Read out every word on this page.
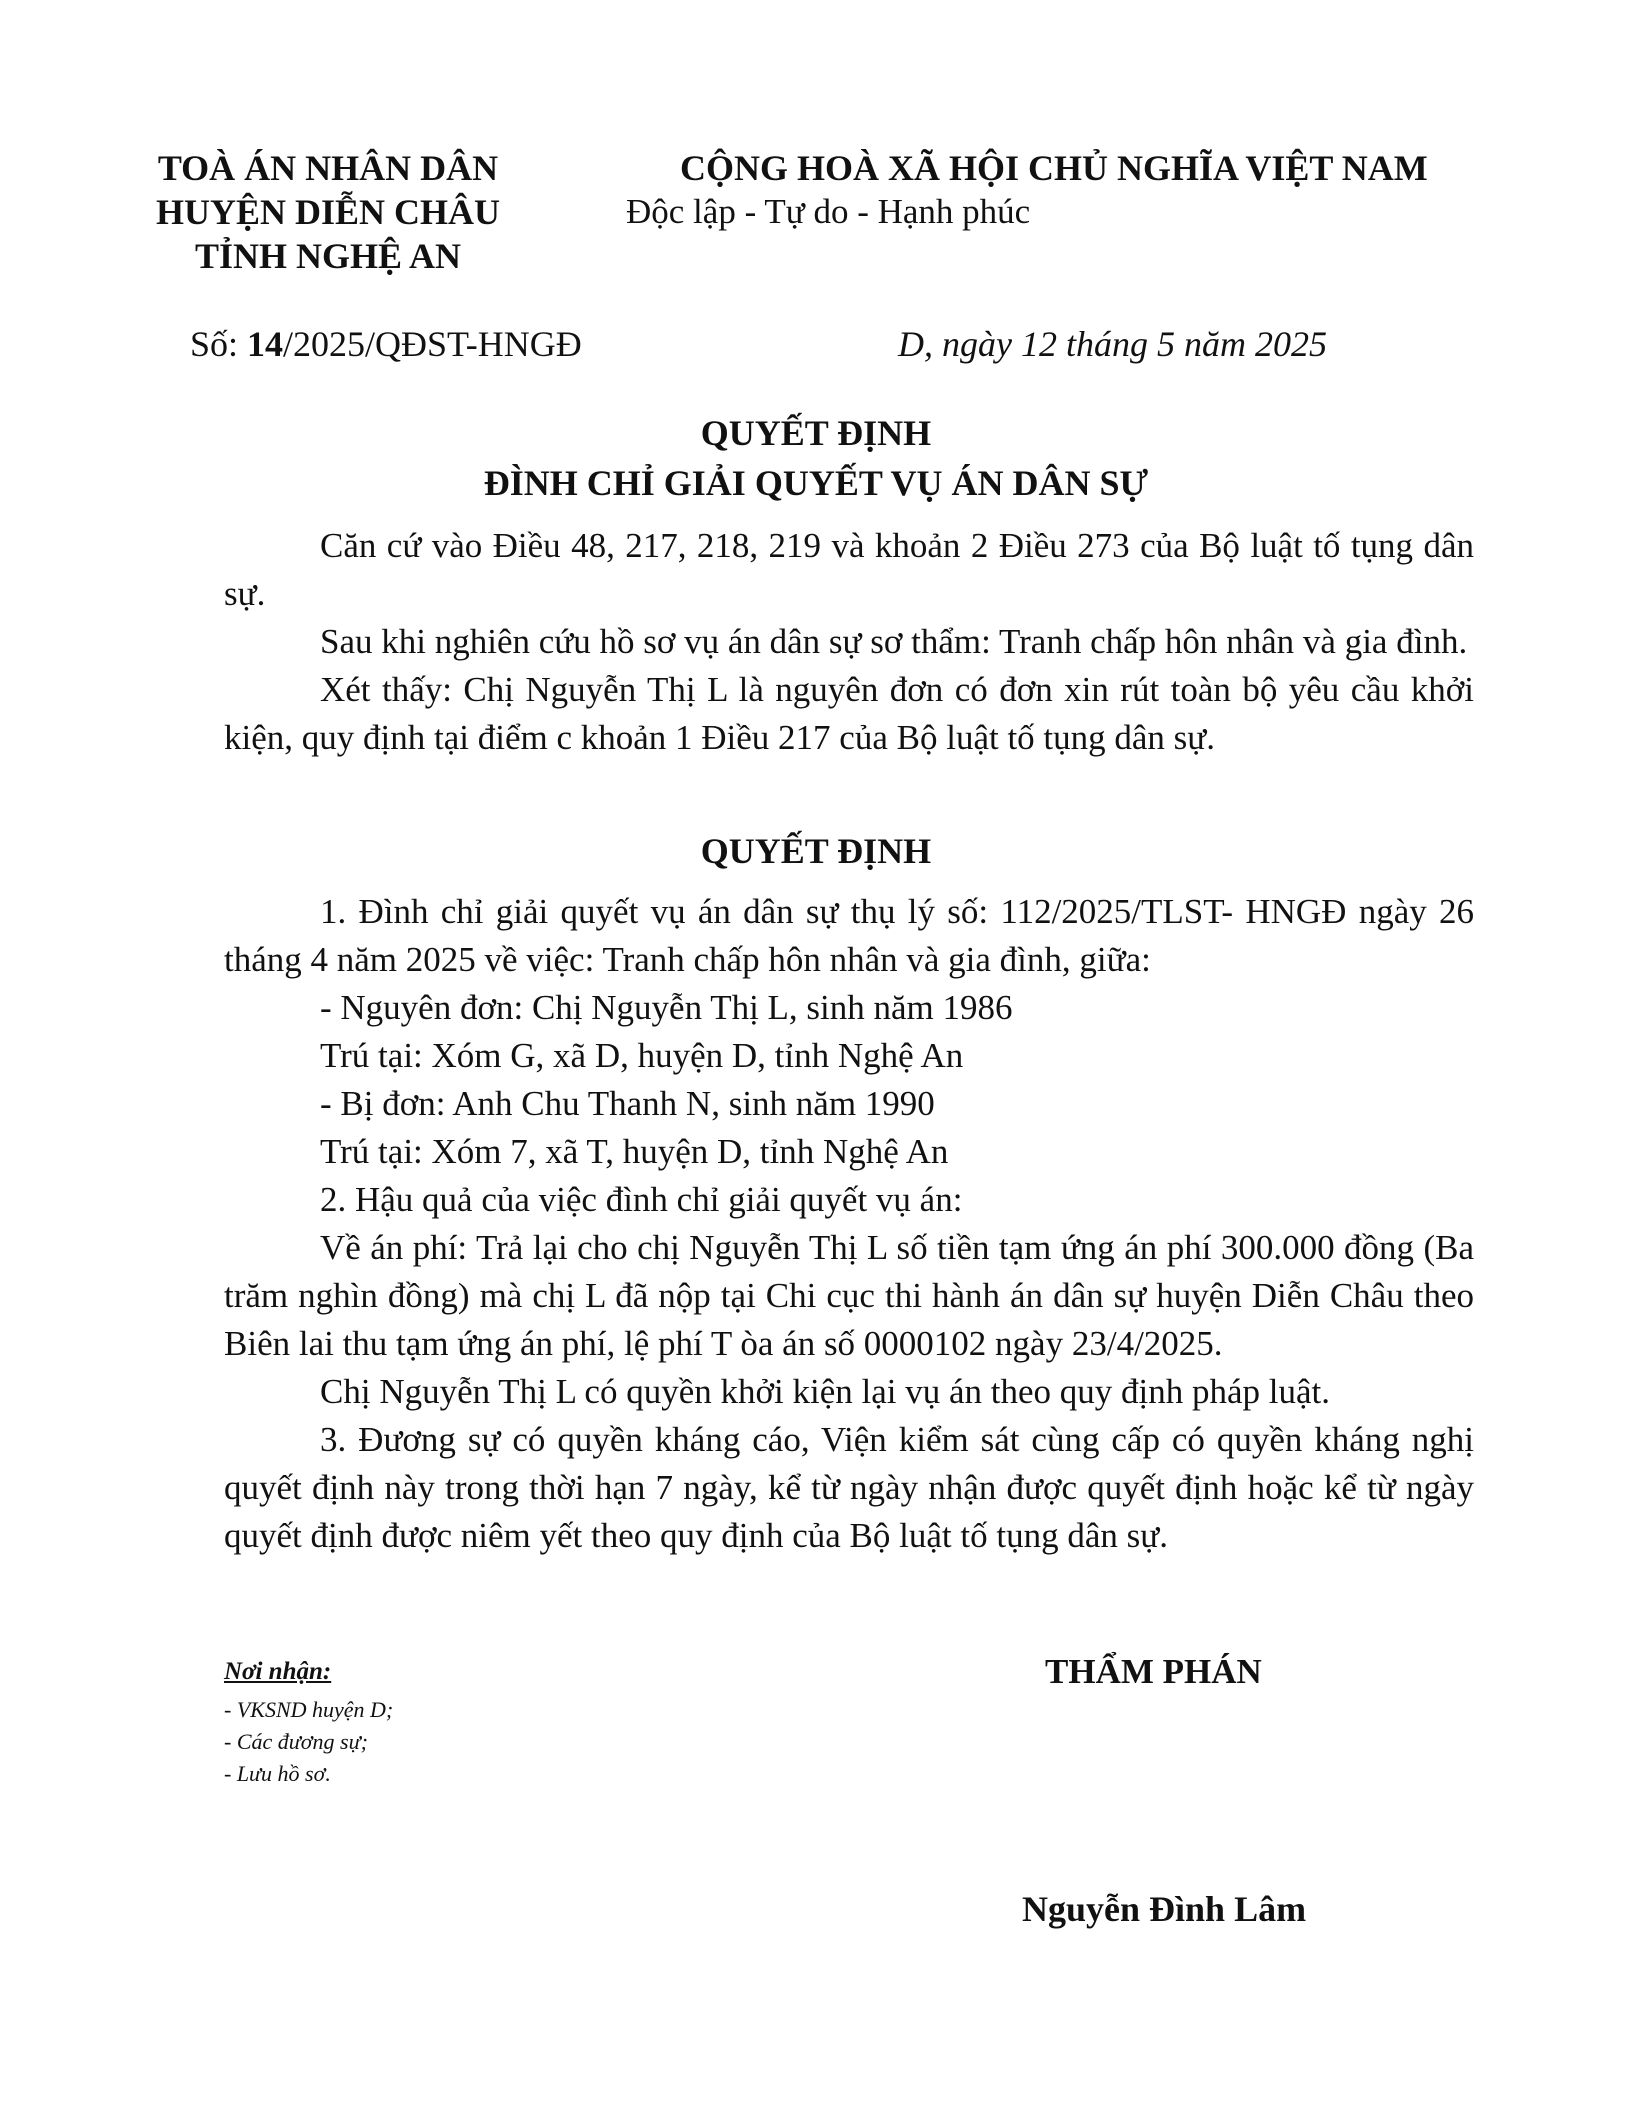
TOÀ ÁN NHÂN DÂN
HUYỆN DIỄN CHÂU
TỈNH NGHỆ AN
CỘNG HOÀ XÃ HỘI CHỦ NGHĨA VIỆT NAM
Độc lập - Tự do - Hạnh phúc
Số: 14/2025/QĐST-HNGĐ	D, ngày 12 tháng 5 năm 2025
QUYẾT ĐỊNH
ĐÌNH CHỈ GIẢI QUYẾT VỤ ÁN DÂN SỰ

Căn cứ vào Điều 48, 217, 218, 219 và khoản 2 Điều 273 của Bộ luật tố tụng dân sự.

Sau khi nghiên cứu hồ sơ vụ án dân sự sơ thẩm: Tranh chấp hôn nhân và gia đình.

Xét thấy: Chị Nguyễn Thị L là nguyên đơn có đơn xin rút toàn bộ yêu cầu khởi kiện, quy định tại điểm c khoản 1 Điều 217 của Bộ luật tố tụng dân sự.

QUYẾT ĐỊNH

1. Đình chỉ giải quyết vụ án dân sự thụ lý số: 112/2025/TLST- HNGĐ ngày 26 tháng 4 năm 2025 về việc: Tranh chấp hôn nhân và gia đình, giữa:

- Nguyên đơn: Chị Nguyễn Thị L, sinh năm 1986

Trú tại: Xóm G, xã D, huyện D, tỉnh Nghệ An

- Bị đơn: Anh Chu Thanh N, sinh năm 1990

Trú tại: Xóm 7, xã T, huyện D, tỉnh Nghệ An

2. Hậu quả của việc đình chỉ giải quyết vụ án:

Về án phí: Trả lại cho chị Nguyễn Thị L số tiền tạm ứng án phí 300.000 đồng (Ba trăm nghìn đồng) mà chị L đã nộp tại Chi cục thi hành án dân sự huyện Diễn Châu theo Biên lai thu tạm ứng án phí, lệ phí T òa án số 0000102 ngày 23/4/2025.

Chị Nguyễn Thị L có quyền khởi kiện lại vụ án theo quy định pháp luật.

3. Đương sự có quyền kháng cáo, Viện kiểm sát cùng cấp có quyền kháng nghị quyết định này trong thời hạn 7 ngày, kể từ ngày nhận được quyết định hoặc kể từ ngày quyết định được niêm yết theo quy định của Bộ luật tố tụng dân sự.

Nơi nhận:
- VKSND huyện D;
- Các đương sự;
- Lưu hồ sơ.
THẨM PHÁN
Nguyễn Đình Lâm
